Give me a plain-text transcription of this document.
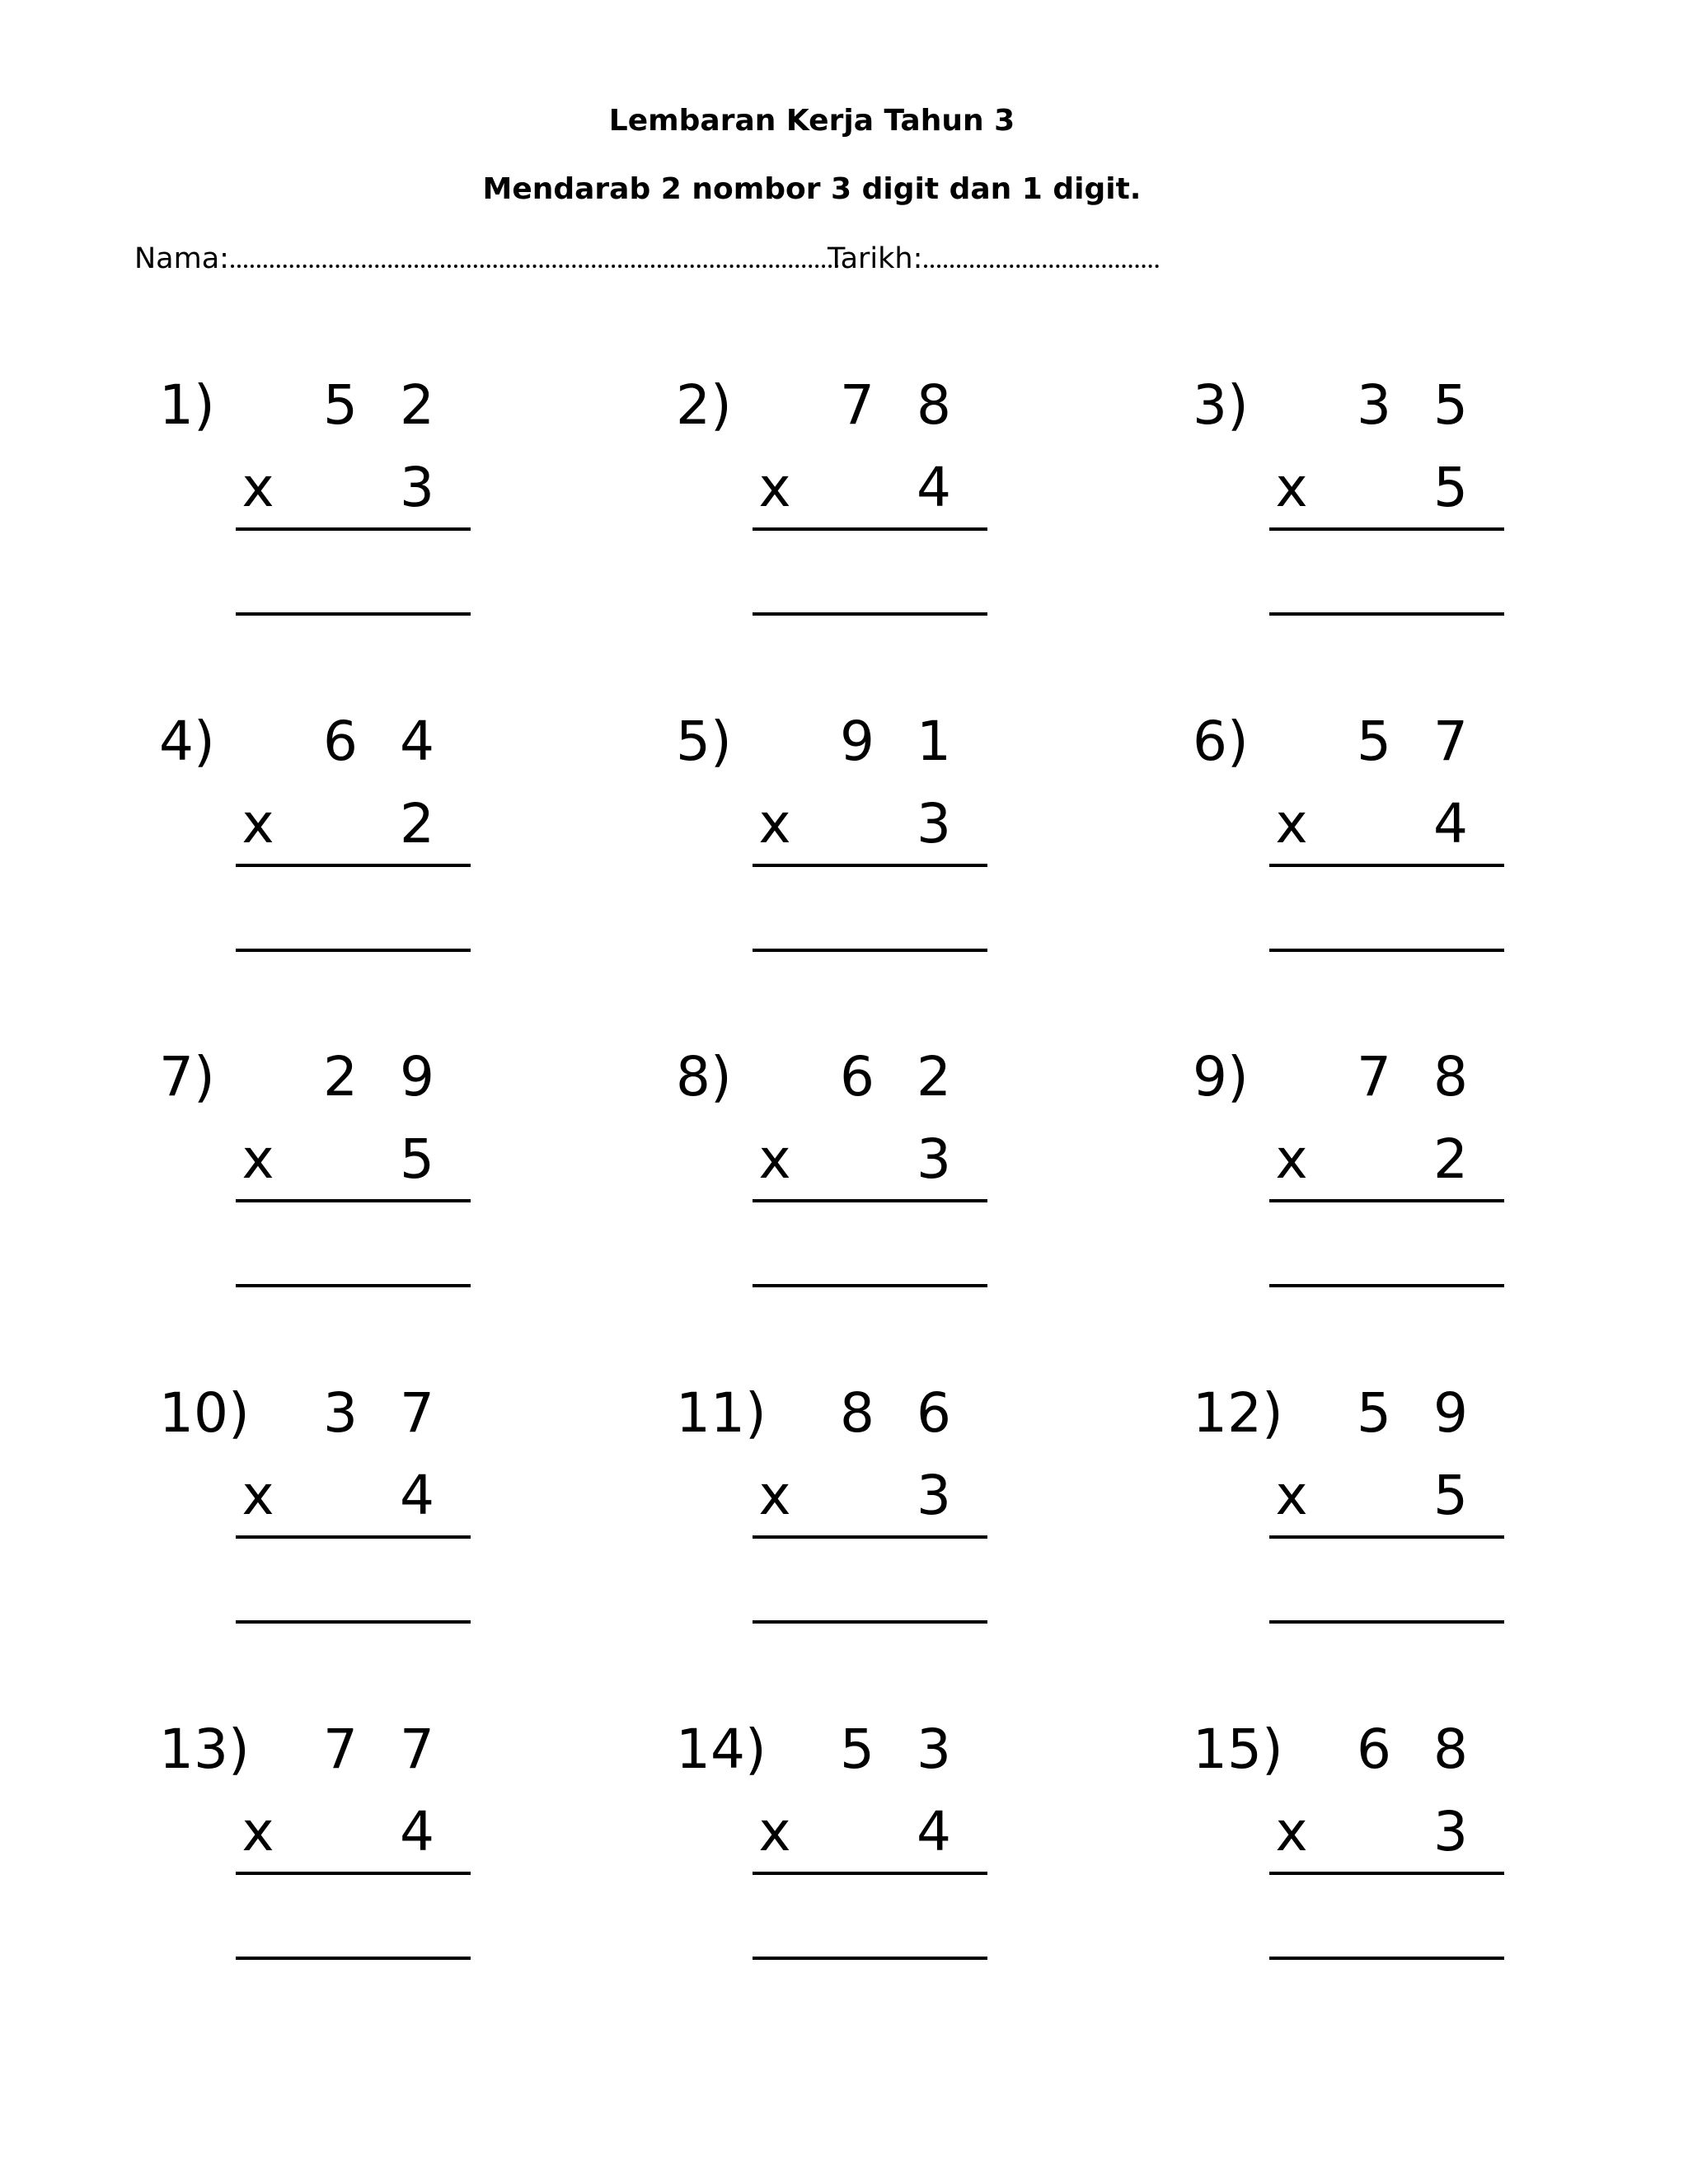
Lembaran Kerja Tahun 3
Mendarab 2 nombor 3 digit dan 1 digit.
Nama:	Tarikh:
1) 5 2
x 3
2) 7 8
x 4
3) 3 5
x 5
4) 6 4
x 2
5) 9 1
x 3
6) 5 7
x 4
7) 2 9
x 5
8) 6 2
x 3
9) 7 8
x 2
10) 3 7
x 4
11) 8 6
x 3
12) 5 9
x 5
13) 7 7
x 4
14) 5 3
x 4
15) 6 8
x 3
